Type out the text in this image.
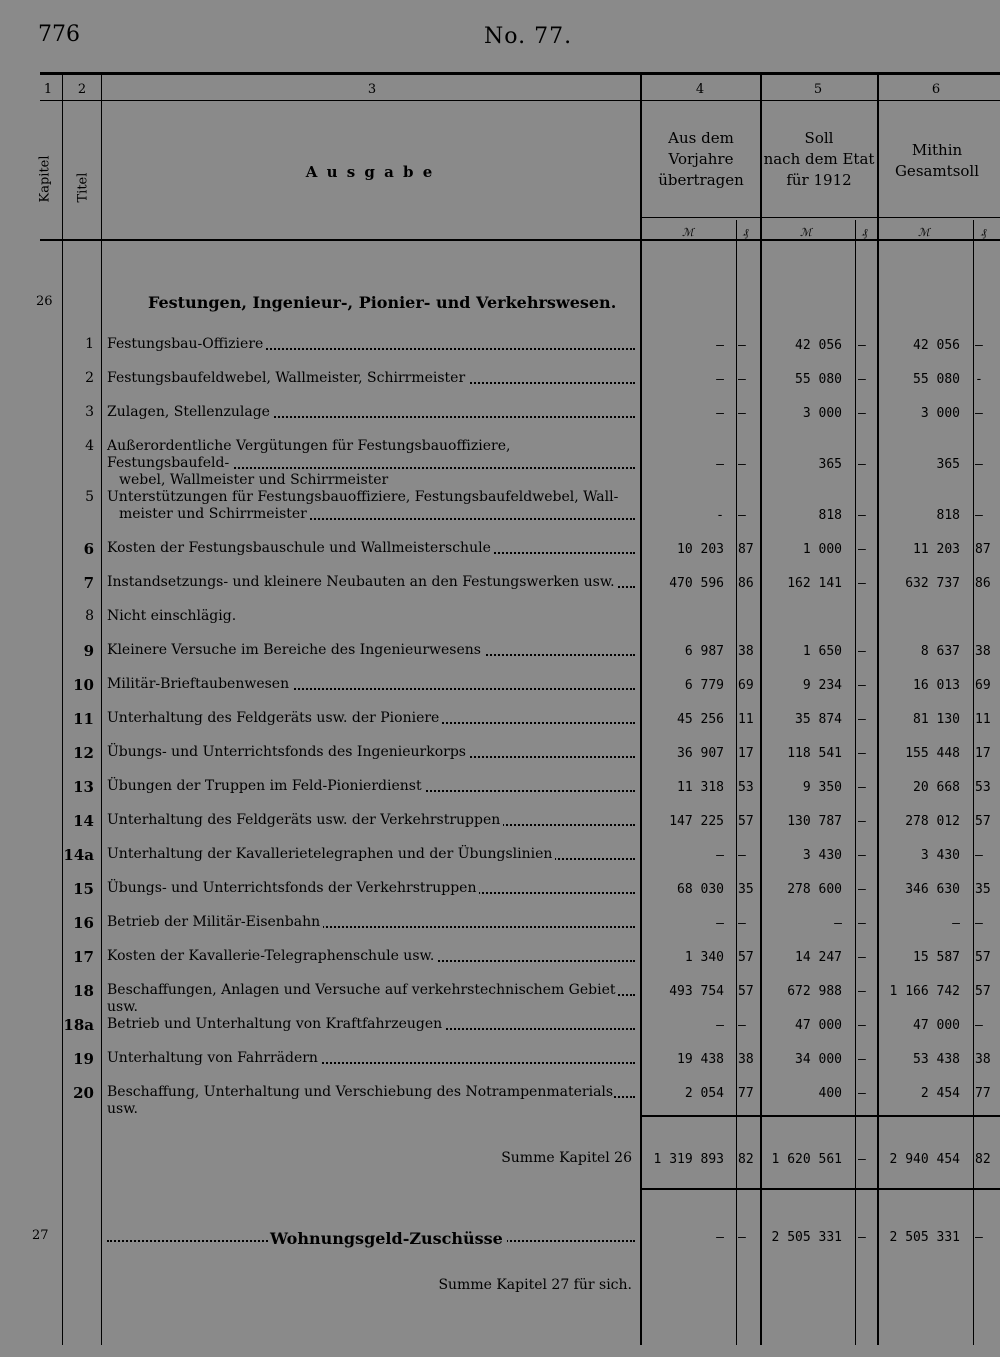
776	No. 77.
1	2	3	4	5	6
Kapitel Titel
A u s g a b e
Aus dem
Vorjahre
übertragen
Soll
nach dem Etat
für 1912
Mithin
Gesamtsoll
ℳ	₰	ℳ	₰	ℳ	₰
26	Festungen, Ingenieur-, Pionier- und Verkehrswesen.
1 Festungsbau-Offiziere	— —	42 056 —	42 056 —
2 Festungsbaufeldwebel, Wallmeister, Schirrmeister	— —	55 080 —	55 080 -
3 Zulagen, Stellenzulage	— —	3 000 —	3 000 —
4 Außerordentliche Vergütungen für Festungsbauoffiziere, Festungsbaufeld-
webel, Wallmeister und Schirrmeister
— —	365 —	365 —
5 Unterstützungen für Festungsbauoffiziere, Festungsbaufeldwebel, Wall-
meister und Schirrmeister	- —	818 —	818 —
6 Kosten der Festungsbauschule und Wallmeisterschule	10 203 87	1 000 —	11 203 87
7 Instandsetzungs- und kleinere Neubauten an den Festungswerken usw.	470 596 86	162 141 —	632 737 86
8 Nicht einschlägig.
9 Kleinere Versuche im Bereiche des Ingenieurwesens	6 987 38	1 650 —	8 637 38
10 Militär-Brieftaubenwesen	6 779 69	9 234 —	16 013 69
11 Unterhaltung des Feldgeräts usw. der Pioniere	45 256 11	35 874 —	81 130 11
12 Übungs- und Unterrichtsfonds des Ingenieurkorps	36 907 17	118 541 —	155 448 17
13 Übungen der Truppen im Feld-Pionierdienst	11 318 53	9 350 —	20 668 53
14 Unterhaltung des Feldgeräts usw. der Verkehrstruppen	147 225 57	130 787 —	278 012 57
14a Unterhaltung der Kavallerietelegraphen und der Übungslinien	— —	3 430 —	3 430 —
15 Übungs- und Unterrichtsfonds der Verkehrstruppen	68 030 35	278 600 —	346 630 35
16 Betrieb der Militär-Eisenbahn	— —	— —	— —
17 Kosten der Kavallerie-Telegraphenschule usw.	1 340 57	14 247 —	15 587 57
18 Beschaffungen, Anlagen und Versuche auf verkehrstechnischem Gebiet usw.
493 754 57	672 988 —	1 166 742 57
18a Betrieb und Unterhaltung von Kraftfahrzeugen	— —	47 000 —	47 000 —
19 Unterhaltung von Fahrrädern	19 438 38	34 000 —	53 438 38
20 Beschaffung, Unterhaltung und Verschiebung des Notrampenmaterials usw.
2 054 77	400 —	2 454 77
Summe Kapitel 26	1 319 893 82	1 620 561 —	2 940 454 82
27	Wohnungsgeld-Zuschüsse	— —	2 505 331 —	2 505 331 —
Summe Kapitel 27 für sich.
